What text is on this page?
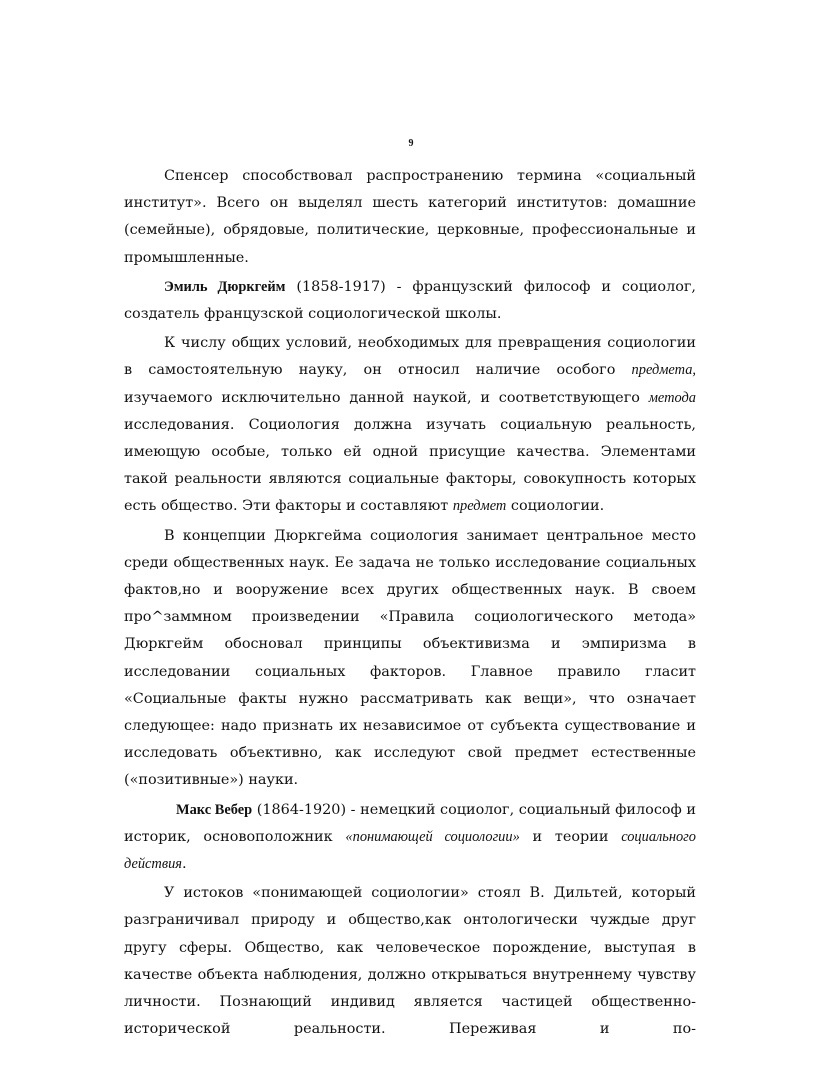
9

Спенсер способствовал распространению термина «социальный институт». Всего он выделял шесть категорий институтов: домашние (семейные), обрядовые, политические, церковные, профессиональные и промышленные.

Эмиль Дюркгейм (1858-1917) - французский философ и социолог, создатель французской социологической школы.

К числу общих условий, необходимых для превращения социологии в самостоятельную науку, он относил наличие особого предмета, изучаемого исключительно данной наукой, и соответствующего метода исследования. Социология должна изучать социальную реальность, имеющую особые, только ей одной присущие качества. Элементами такой реальности являются социальные факторы, совокупность которых есть общество. Эти факторы и составляют предмет социологии.

В концепции Дюркгейма социология занимает центральное место среди общественных наук. Ее задача не только исследование социальных фактов,но и вооружение всех других общественных наук. В своем про^заммном произведении «Правила социологического метода» Дюркгейм обосновал принципы объективизма и эмпиризма в исследовании социальных факторов. Главное правило гласит «Социальные факты нужно рассматривать как вещи», что означает следующее: надо признать их независимое от субъекта существование и исследовать объективно, как исследуют свой предмет естественные («позитивные») науки.

Макс Вебер (1864-1920) - немецкий социолог, социальный философ и историк, основоположник «понимающей социологии» и теории социального действия.

У истоков «понимающей социологии» стоял В. Дильтей, который разграничивал природу и общество,как онтологически чуждые друг другу сферы. Общество, как человеческое порождение, выступая в качестве объекта наблюдения, должно открываться внутреннему чувству личности. Познающий индивид является частицей общественно-исторической реальности. Переживая и по-
